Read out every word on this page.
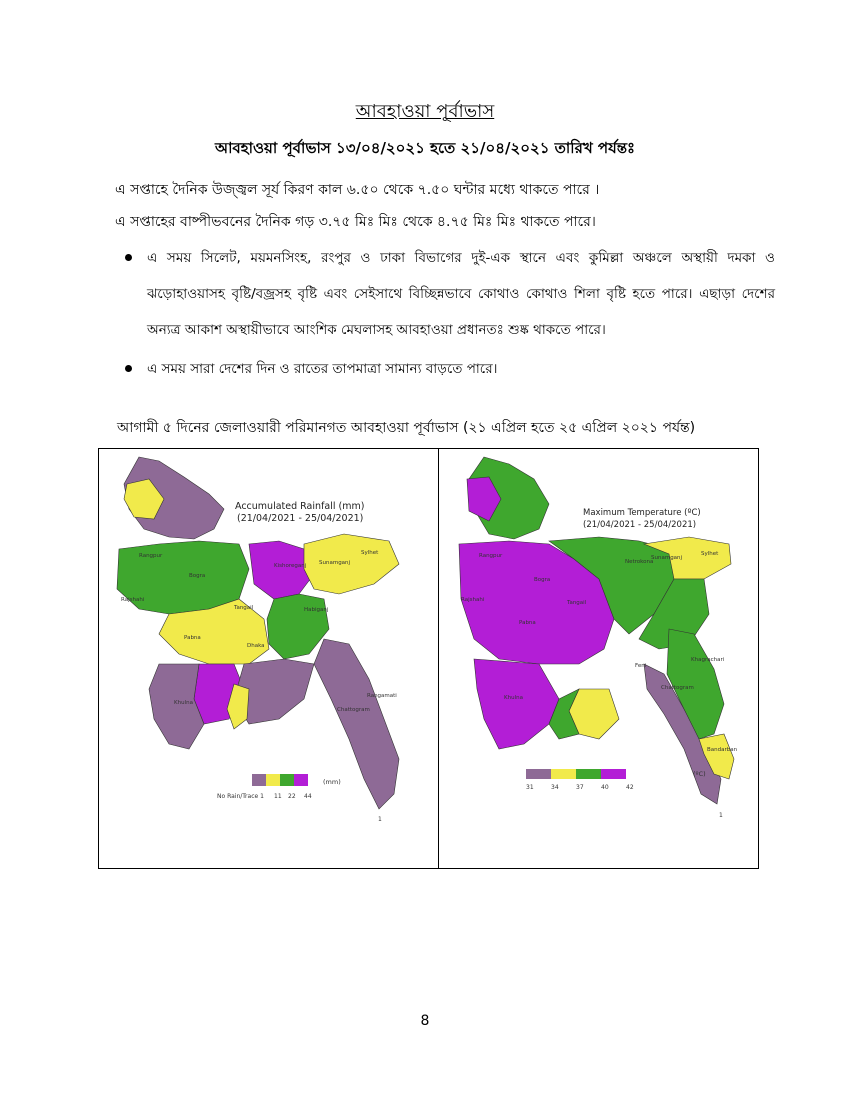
আবহাওয়া পূর্বাভাস
আবহাওয়া পূর্বাভাস ১৩/০৪/২০২১ হতে ২১/০৪/২০২১ তারিখ পর্যন্তঃ
এ সপ্তাহে দৈনিক উজ্জ্বল সূর্য কিরণ কাল ৬.৫০ থেকে ৭.৫০ ঘন্টার মধ্যে থাকতে পারে ।
এ সপ্তাহের বাষ্পীভবনের দৈনিক গড় ৩.৭৫ মিঃ মিঃ থেকে ৪.৭৫ মিঃ মিঃ থাকতে পারে।
এ সময় সিলেট, ময়মনসিংহ, রংপুর ও ঢাকা বিভাগের দুই-এক স্থানে এবং কুমিল্লা অঞ্চলে অস্থায়ী দমকা ও ঝড়োহাওয়াসহ বৃষ্টি/বজ্রসহ বৃষ্টি এবং সেইসাথে বিচ্ছিন্নভাবে কোথাও কোথাও শিলা বৃষ্টি হতে পারে। এছাড়া দেশের অন্যত্র আকাশ অস্থায়ীভাবে আংশিক মেঘলাসহ আবহাওয়া প্রধানতঃ শুষ্ক থাকতে পারে।
এ সময় সারা দেশের দিন ও রাতের তাপমাত্রা সামান্য বাড়তে পারে।
আগামী ৫ দিনের জেলাওয়ারী পরিমানগত আবহাওয়া পূর্বাভাস (২১ এপ্রিল হতে ২৫ এপ্রিল ২০২১ পর্যন্ত)
Accumulated Rainfall (mm)
(21/04/2021 - 25/04/2021)
Sunamganj
Sylhet
Rangpur
Bogra
Tangail
Rajshahi
Pabna
Dhaka
Khulna
Chattogram
Rangamati
Habiganj
Kishoreganj
(mm)
No Rain/Trace 1 11 22 44
1
Maximum Temperature (ºC)
(21/04/2021 - 25/04/2021)
Sunamganj
Sylhet
Netrokona
Rangpur
Bogra
Tangail
Rajshahi
Pabna
Khulna
Feni
Chattogram
Bandarban
Khagrachari
(ºC)
31	34	37	40	42
1
8
